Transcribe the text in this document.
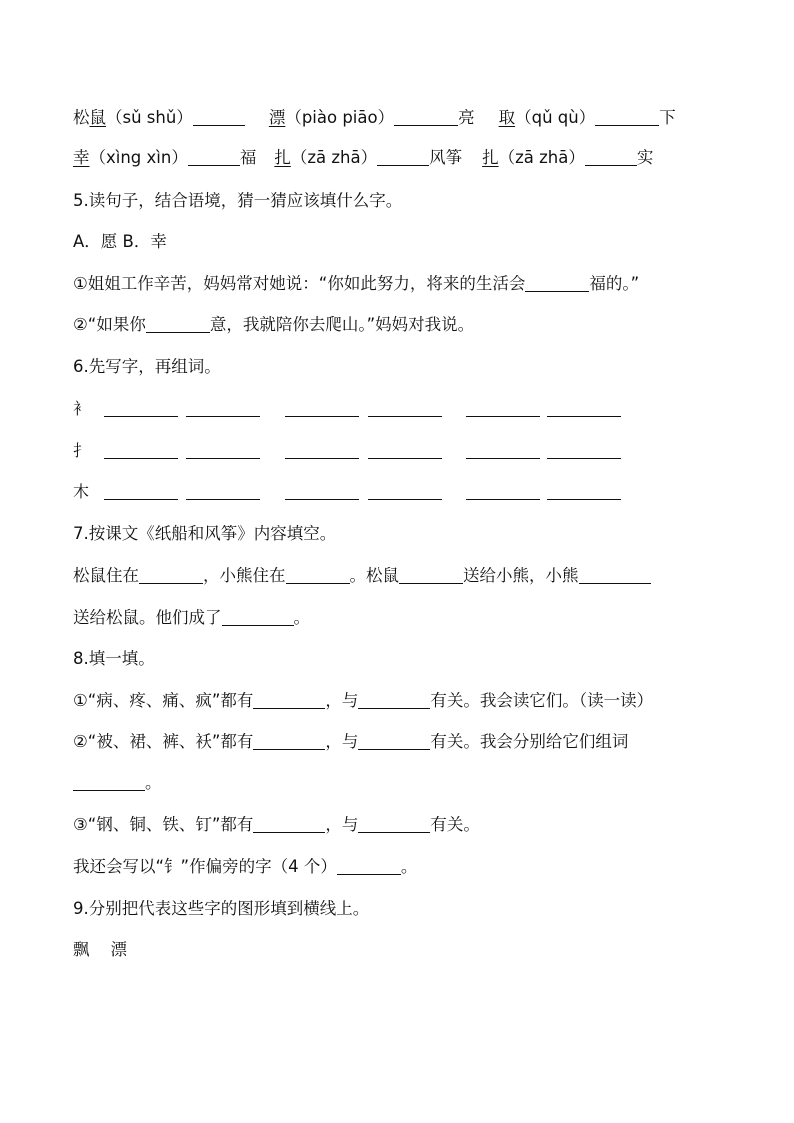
松鼠（sǔ shǔ）	漂（piào piāo）	亮 取（qǔ qù）	下
幸（xìng xìn）	福 扎（zā zhā）	风筝 扎（zā zhā）	实
5.读句子，结合语境，猜一猜应该填什么字。
A．愿 B．幸
①姐姐工作辛苦，妈妈常对她说：“你如此努力，将来的生活会	福的。”
②“如果你	意，我就陪你去爬山。”妈妈对我说。
6.先写字，再组词。
衤
扌
木
7.按课文《纸船和风筝》内容填空。
松鼠住在	，小熊住在	。松鼠	送给小熊，小熊
送给松鼠。他们成了	。
8.填一填。
①“病、疼、痛、疯”都有	，与	有关。我会读它们。（读一读）
②“被、裙、裤、袄”都有	，与	有关。我会分别给它们组词
。
③“钢、铜、铁、钉”都有	，与	有关。
我还会写以“钅”作偏旁的字（4 个）	。
9.分别把代表这些字的图形填到横线上。
飘    漂
